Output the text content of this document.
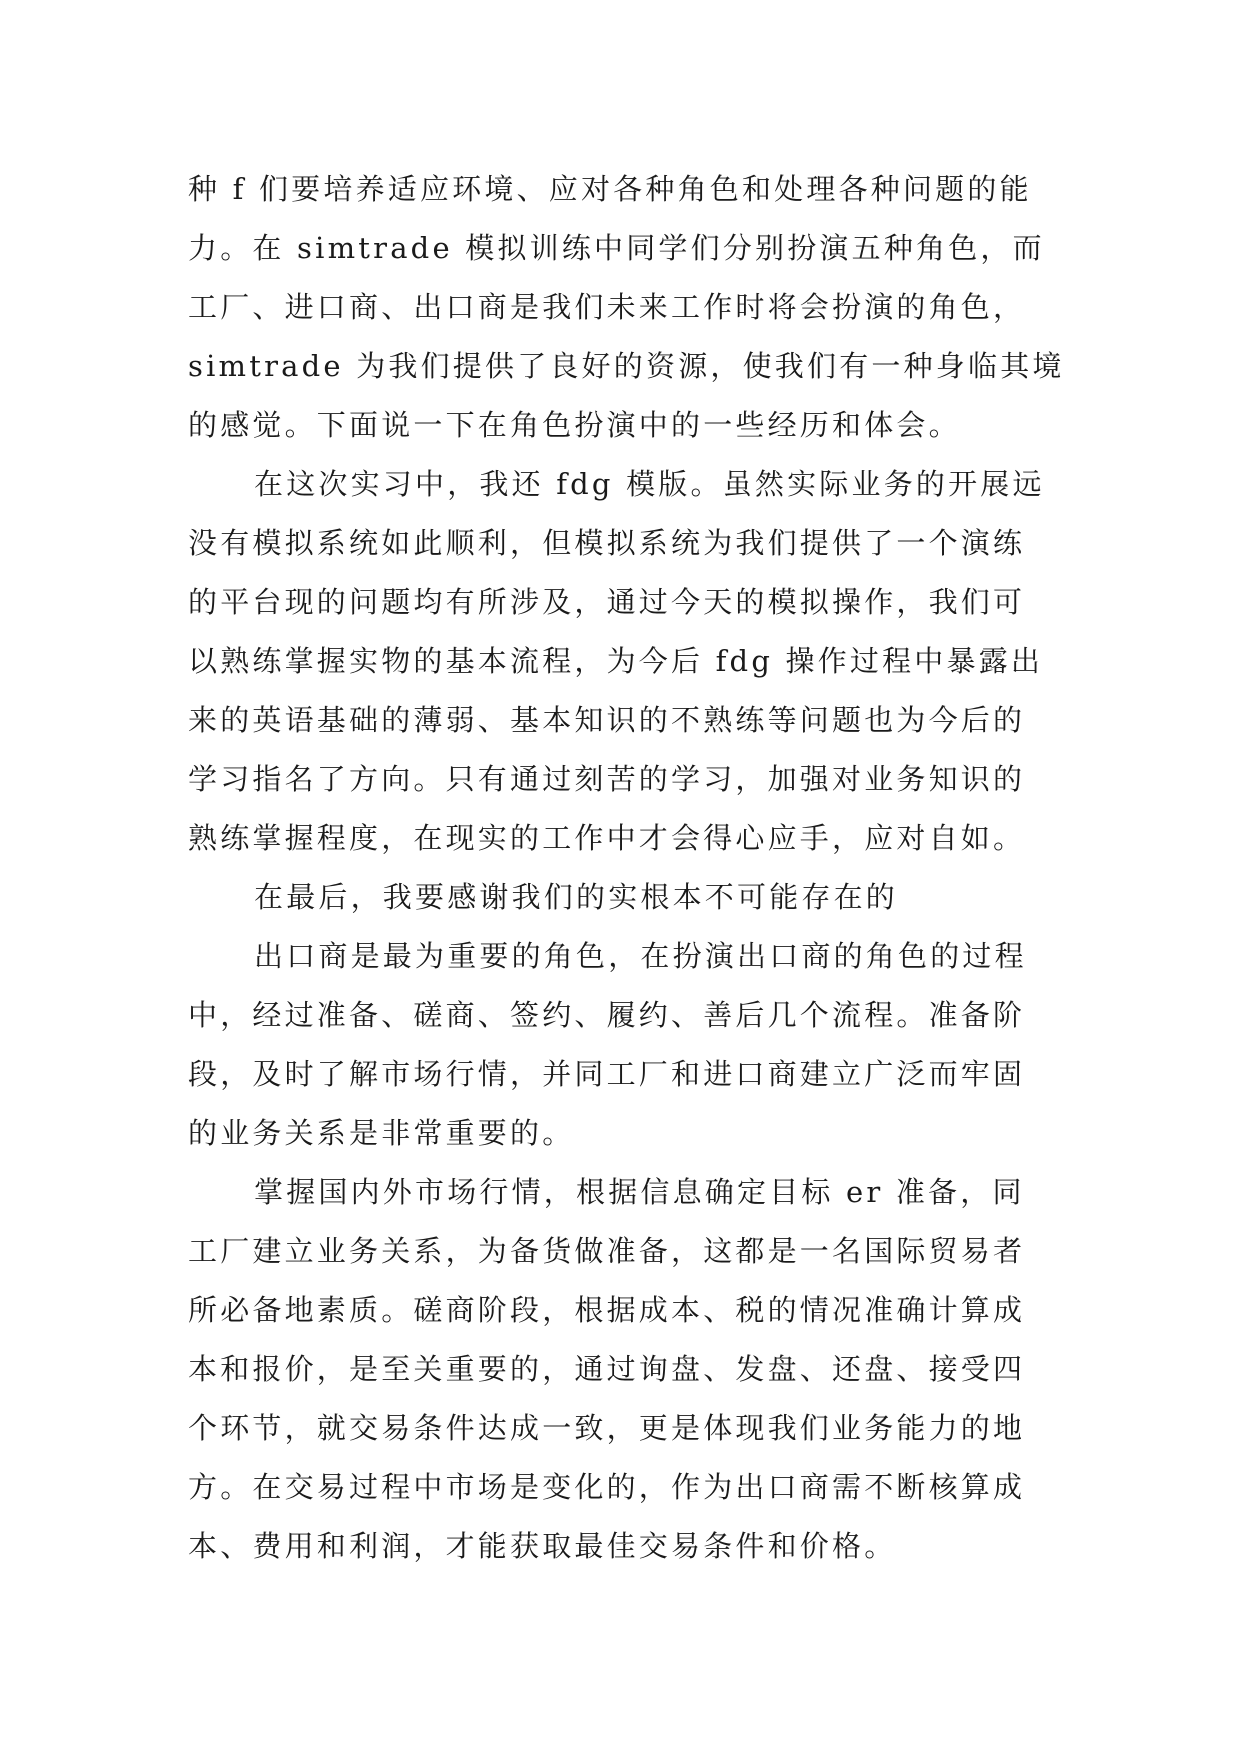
种 f 们要培养适应环境、应对各种角色和处理各种问题的能
力。在 simtrade 模拟训练中同学们分别扮演五种角色，而
工厂、进口商、出口商是我们未来工作时将会扮演的角色，
simtrade 为我们提供了良好的资源，使我们有一种身临其境
的感觉。下面说一下在角色扮演中的一些经历和体会。
在这次实习中，我还 fdg 模版。虽然实际业务的开展远
没有模拟系统如此顺利，但模拟系统为我们提供了一个演练
的平台现的问题均有所涉及，通过今天的模拟操作，我们可
以熟练掌握实物的基本流程，为今后 fdg 操作过程中暴露出
来的英语基础的薄弱、基本知识的不熟练等问题也为今后的
学习指名了方向。只有通过刻苦的学习，加强对业务知识的
熟练掌握程度，在现实的工作中才会得心应手，应对自如。
在最后，我要感谢我们的实根本不可能存在的
出口商是最为重要的角色，在扮演出口商的角色的过程
中，经过准备、磋商、签约、履约、善后几个流程。准备阶
段，及时了解市场行情，并同工厂和进口商建立广泛而牢固
的业务关系是非常重要的。
掌握国内外市场行情，根据信息确定目标 er 准备，同
工厂建立业务关系，为备货做准备，这都是一名国际贸易者
所必备地素质。磋商阶段，根据成本、税的情况准确计算成
本和报价，是至关重要的，通过询盘、发盘、还盘、接受四
个环节，就交易条件达成一致，更是体现我们业务能力的地
方。在交易过程中市场是变化的，作为出口商需不断核算成
本、费用和利润，才能获取最佳交易条件和价格。
